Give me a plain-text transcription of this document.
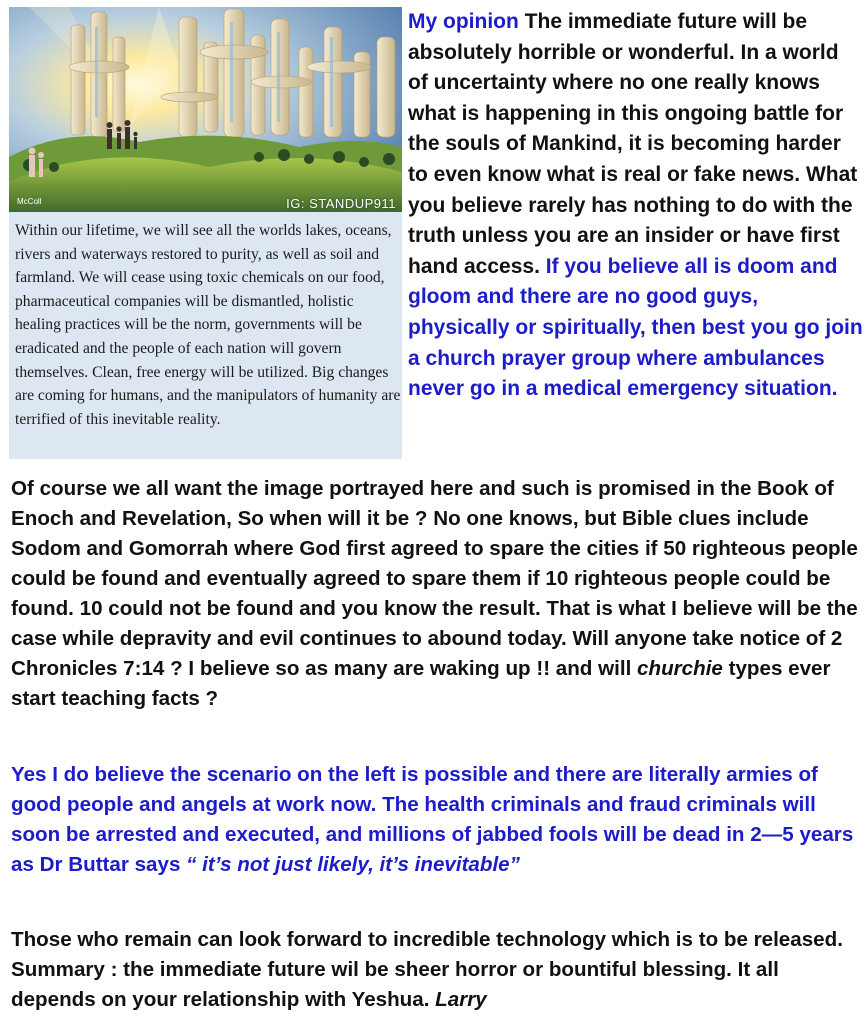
McColl	IG: STANDUP911

Within our lifetime, we will see all the worlds lakes, oceans, rivers and waterways restored to purity, as well as soil and farmland. We will cease using toxic chemicals on our food, pharmaceutical companies will be dismantled, holistic healing practices will be the norm, governments will be eradicated and the people of each nation will govern themselves. Clean, free energy will be utilized. Big changes are coming for humans, and the manipulators of humanity are terrified of this inevitable reality.

My opinion The immediate future will be absolutely horrible or wonderful. In a world of uncertainty where no one really knows what is happening in this ongoing battle for the souls of Mankind, it is becoming harder to even know what is real or fake news. What you believe rarely has nothing to do with the truth unless you are an insider or have first hand access. If you believe all is doom and gloom and there are no good guys, physically or spiritually, then best you go join a church prayer group where ambulances never go in a medical emergency situation.

Of course we all want the image portrayed here and such is promised in the Book of Enoch and Revelation, So when will it be ? No one knows, but Bible clues include Sodom and Gomorrah where God first agreed to spare the cities if 50 righteous people could be found and eventually agreed to spare them if 10 righteous people could be found. 10 could not be found and you know the result. That is what I believe will be the case while depravity and evil continues to abound today. Will anyone take notice of 2 Chronicles 7:14 ? I believe so as many are waking up !! and will churchie types ever start teaching facts ?

Yes I do believe the scenario on the left is possible and there are literally armies of good people and angels at work now. The health criminals and fraud criminals will soon be arrested and executed, and millions of jabbed fools will be dead in 2—5 years as Dr Buttar says “ it’s not just likely, it’s inevitable”

Those who remain can look forward to incredible technology which is to be released. Summary : the immediate future wil be sheer horror or bountiful blessing. It all depends on your relationship with Yeshua. Larry
